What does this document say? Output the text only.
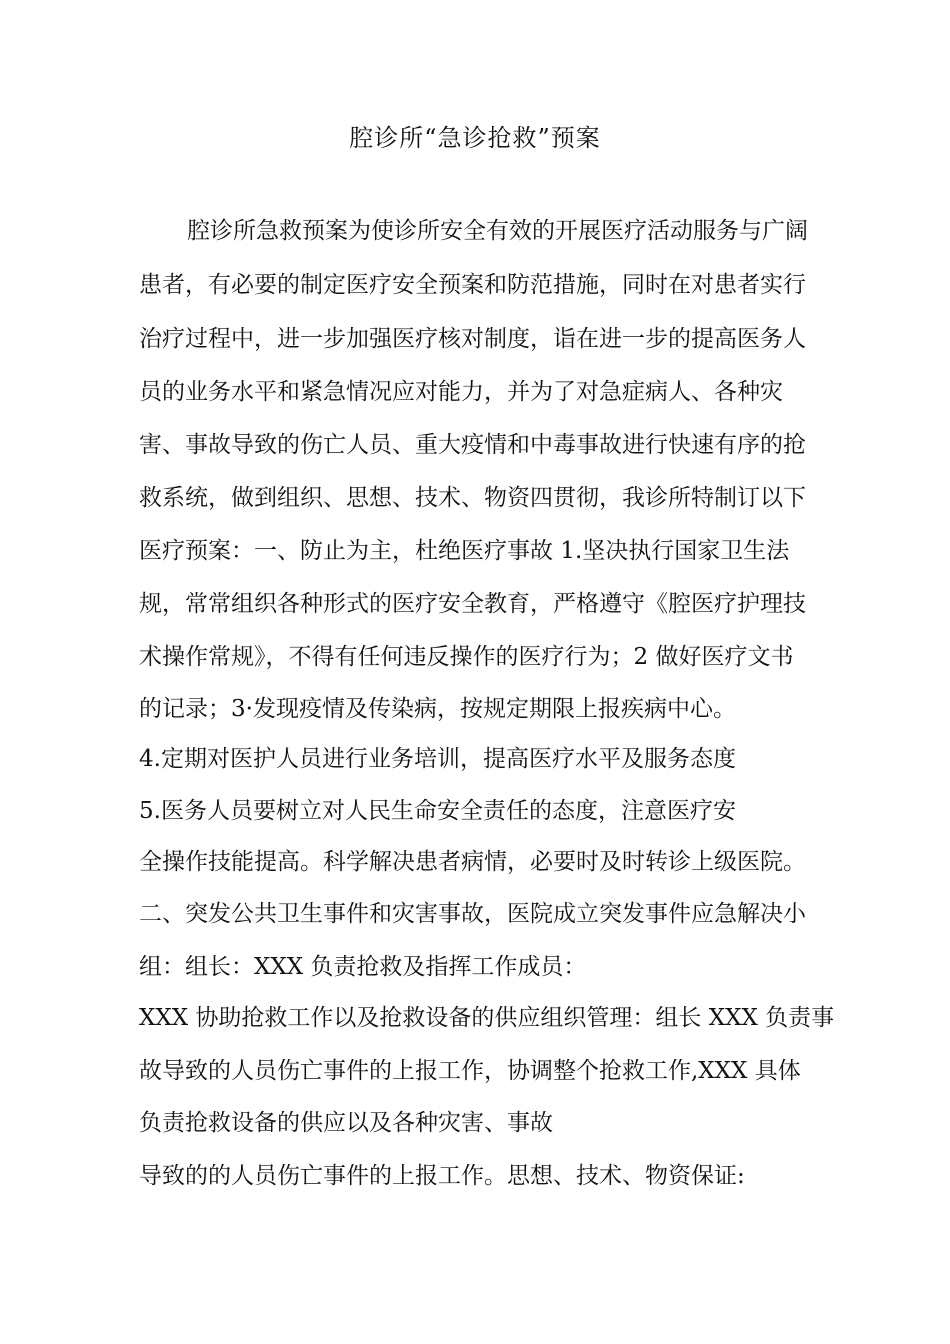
腔诊所“急诊抢救”预案
腔诊所急救预案为使诊所安全有效的开展医疗活动服务与广阔
患者，有必要的制定医疗安全预案和防范措施，同时在对患者实行
治疗过程中，进一步加强医疗核对制度，诣在进一步的提高医务人
员的业务水平和紧急情况应对能力，并为了对急症病人、各种灾
害、事故导致的伤亡人员、重大疫情和中毒事故进行快速有序的抢
救系统，做到组织、思想、技术、物资四贯彻，我诊所特制订以下
医疗预案：一、防止为主，杜绝医疗事故 1.坚决执行国家卫生法
规，常常组织各种形式的医疗安全教育，严格遵守《腔医疗护理技
术操作常规》，不得有任何违反操作的医疗行为；2 做好医疗文书
的记录；3·发现疫情及传染病，按规定期限上报疾病中心。
4.定期对医护人员进行业务培训，提高医疗水平及服务态度
5.医务人员要树立对人民生命安全责任的态度，注意医疗安
全操作技能提高。科学解决患者病情，必要时及时转诊上级医院。
二、突发公共卫生事件和灾害事故，医院成立突发事件应急解决小
组：组长：XXX 负责抢救及指挥工作成员：
XXX 协助抢救工作以及抢救设备的供应组织管理：组长 XXX 负责事
故导致的人员伤亡事件的上报工作，协调整个抢救工作,XXX 具体
负责抢救设备的供应以及各种灾害、事故
导致的的人员伤亡事件的上报工作。思想、技术、物资保证:
